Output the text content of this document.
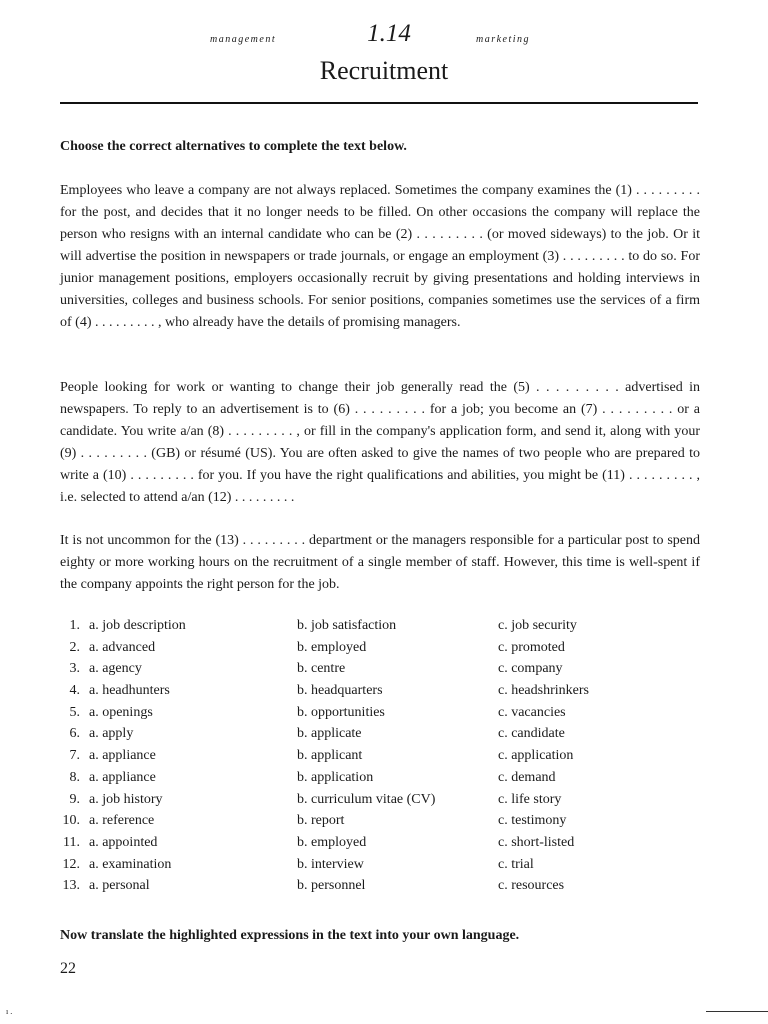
management	1.14	marketing
Recruitment
Choose the correct alternatives to complete the text below.

Employees who leave a company are not always replaced. Sometimes the company examines the (1) . . . . . . . . . for the post, and decides that it no longer needs to be filled. On other occasions the company will replace the person who resigns with an internal candidate who can be (2) . . . . . . . . . (or moved sideways) to the job. Or it will advertise the position in newspapers or trade journals, or engage an employment (3) . . . . . . . . . to do so. For junior management positions, employers occasionally recruit by giving presentations and holding interviews in universities, colleges and business schools. For senior positions, companies sometimes use the services of a firm of (4) . . . . . . . . . , who already have the details of promising managers.

People looking for work or wanting to change their job generally read the (5) . . . . . . . . . advertised in newspapers. To reply to an advertisement is to (6) . . . . . . . . . for a job; you become an (7) . . . . . . . . . or a candidate. You write a/an (8) . . . . . . . . . , or fill in the company's application form, and send it, along with your (9) . . . . . . . . . (GB) or résumé (US). You are often asked to give the names of two people who are prepared to write a (10) . . . . . . . . . for you. If you have the right qualifications and abilities, you might be (11) . . . . . . . . . , i.e. selected to attend a/an (12) . . . . . . . . .

It is not uncommon for the (13) . . . . . . . . . department or the managers responsible for a particular post to spend eighty or more working hours on the recruitment of a single member of staff. However, this time is well-spent if the company appoints the right person for the job.

1. a. job description	b. job satisfaction	c. job security
2. a. advanced	b. employed	c. promoted
3. a. agency	b. centre	c. company
4. a. headhunters	b. headquarters	c. headshrinkers
5. a. openings	b. opportunities	c. vacancies
6. a. apply	b. applicate	c. candidate
7. a. appliance	b. applicant	c. application
8. a. appliance	b. application	c. demand
9. a. job history	b. curriculum vitae (CV)	c. life story
10. a. reference	b. report	c. testimony
11. a. appointed	b. employed	c. short-listed
12. a. examination	b. interview	c. trial
13. a. personal	b. personnel	c. resources
Now translate the highlighted expressions in the text into your own language.
22
ı .
